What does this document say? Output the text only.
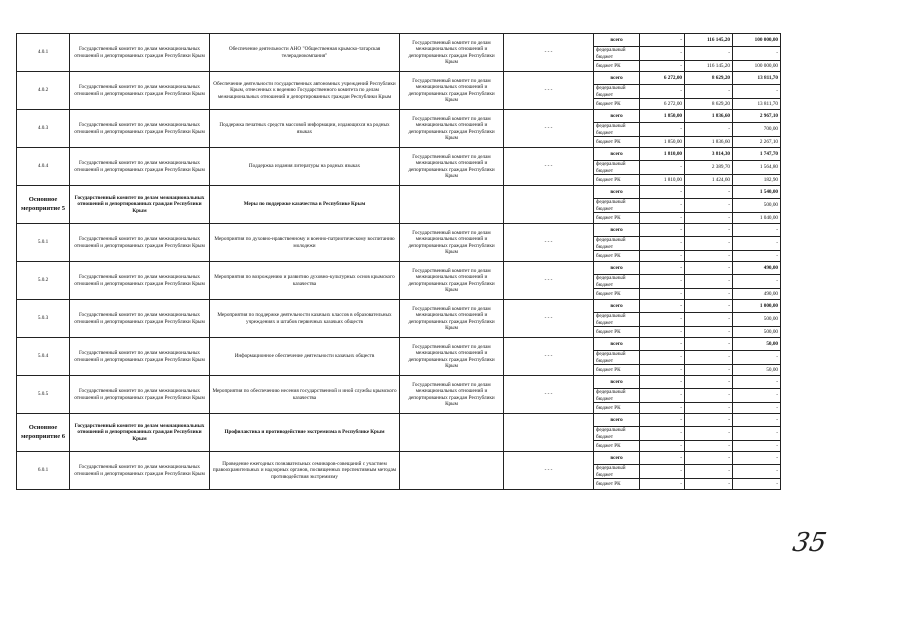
4.0.1	Государственный комитет по делам межнациональных отношений и депортированных граждан Республики Крым	Обеспечение деятельности АНО "Общественная крымско-татарская телерадиокомпания"	Государственный комитет по делам межнациональных отношений и депортированных граждан Республики Крым	- - -	всего	-	116 145,20	100 000,00
					федеральный бюджет	-	-	-
					бюджет РК	-	116 145,20	100 000,00
4.0.2	Государственный комитет по делам межнациональных отношений и депортированных граждан Республики Крым	Обеспечение деятельности государственных автономных учреждений Республики Крым, отнесенных к ведению Государственного комитета по делам межнациональных отношений и депортированных граждан Республики Крым	Государственный комитет по делам межнациональных отношений и депортированных граждан Республики Крым	- - -	всего	6 272,00	8 629,20	13 811,70
					федеральный бюджет	-	-	-
					бюджет РК	6 272,00	8 629,20	13 811,70
4.0.3	Государственный комитет по делам межнациональных отношений и депортированных граждан Республики Крым	Поддержка печатных средств массовой информации, издающихся на родных языках	Государственный комитет по делам межнациональных отношений и депортированных граждан Республики Крым	- - -	всего	1 850,00	1 836,60	2 967,10
					федеральный бюджет	-	-	700,00
					бюджет РК	1 850,00	1 836,60	2 267,10
4.0.4	Государственный комитет по делам межнациональных отношений и депортированных граждан Республики Крым	Поддержка издания литературы на родных языках	Государственный комитет по делам межнациональных отношений и депортированных граждан Республики Крым	- - -	всего	1 810,00	3 814,30	1 747,70
					федеральный бюджет	-	2 389,70	1 564,80
					бюджет РК	1 810,00	1 424,60	182,90
Основное мероприятие 5	Государственный комитет по делам межнациональных отношений и депортированных граждан Республики Крым	Меры по поддержке казачества в Республике Крым			всего	-	-	1 540,00
					федеральный бюджет	-	-	500,00
					бюджет РК	-	-	1 040,00
5.0.1	Государственный комитет по делам межнациональных отношений и депортированных граждан Республики Крым	Мероприятия по духовно-нравственному и военно-патриотическому воспитанию молодежи	Государственный комитет по делам межнациональных отношений и депортированных граждан Республики Крым	- - -	всего	-	-	-
					федеральный бюджет	-	-	-
					бюджет РК	-	-	-
5.0.2	Государственный комитет по делам межнациональных отношений и депортированных граждан Республики Крым	Мероприятия по возрождению и развитию духовно-культурных основ крымского казачества	Государственный комитет по делам межнациональных отношений и депортированных граждан Республики Крым	- - -	всего	-	-	490,00
					федеральный бюджет	-	-	-
					бюджет РК	-	-	490,00
5.0.3	Государственный комитет по делам межнациональных отношений и депортированных граждан Республики Крым	Мероприятия по поддержке деятельности казачьих классов в образовательных учреждениях и штабов первичных казачьих обществ	Государственный комитет по делам межнациональных отношений и депортированных граждан Республики Крым	- - -	всего	-	-	1 000,00
					федеральный бюджет	-	-	500,00
					бюджет РК	-	-	500,00
5.0.4	Государственный комитет по делам межнациональных отношений и депортированных граждан Республики Крым	Информационное обеспечение деятельности казачьих обществ	Государственный комитет по делам межнациональных отношений и депортированных граждан Республики Крым	- - -	всего	-	-	50,00
					федеральный бюджет	-	-	-
					бюджет РК	-	-	50,00
5.0.5	Государственный комитет по делам межнациональных отношений и депортированных граждан Республики Крым	Мероприятия по обеспечению несения государственной и иной службы крымского казачества	Государственный комитет по делам межнациональных отношений и депортированных граждан Республики Крым	- - -	всего	-	-	-
					федеральный бюджет	-	-	-
					бюджет РК	-	-	-
Основное мероприятие 6	Государственный комитет по делам межнациональных отношений и депортированных граждан Республики Крым	Профилактика и противодействие экстремизма в Республике Крым			всего	-	-	-
					федеральный бюджет	-	-	-
					бюджет РК	-	-	-
6.0.1	Государственный комитет по делам межнациональных отношений и депортированных граждан Республики Крым	Проведение ежегодных познавательных семинаров-совещаний с участием правоохранительных и надзорных органов, посвященных перспективным методам противодействия экстремизму		- - -	всего	-	-	-
					федеральный бюджет	-	-	-
					бюджет РК	-	-	-
35
